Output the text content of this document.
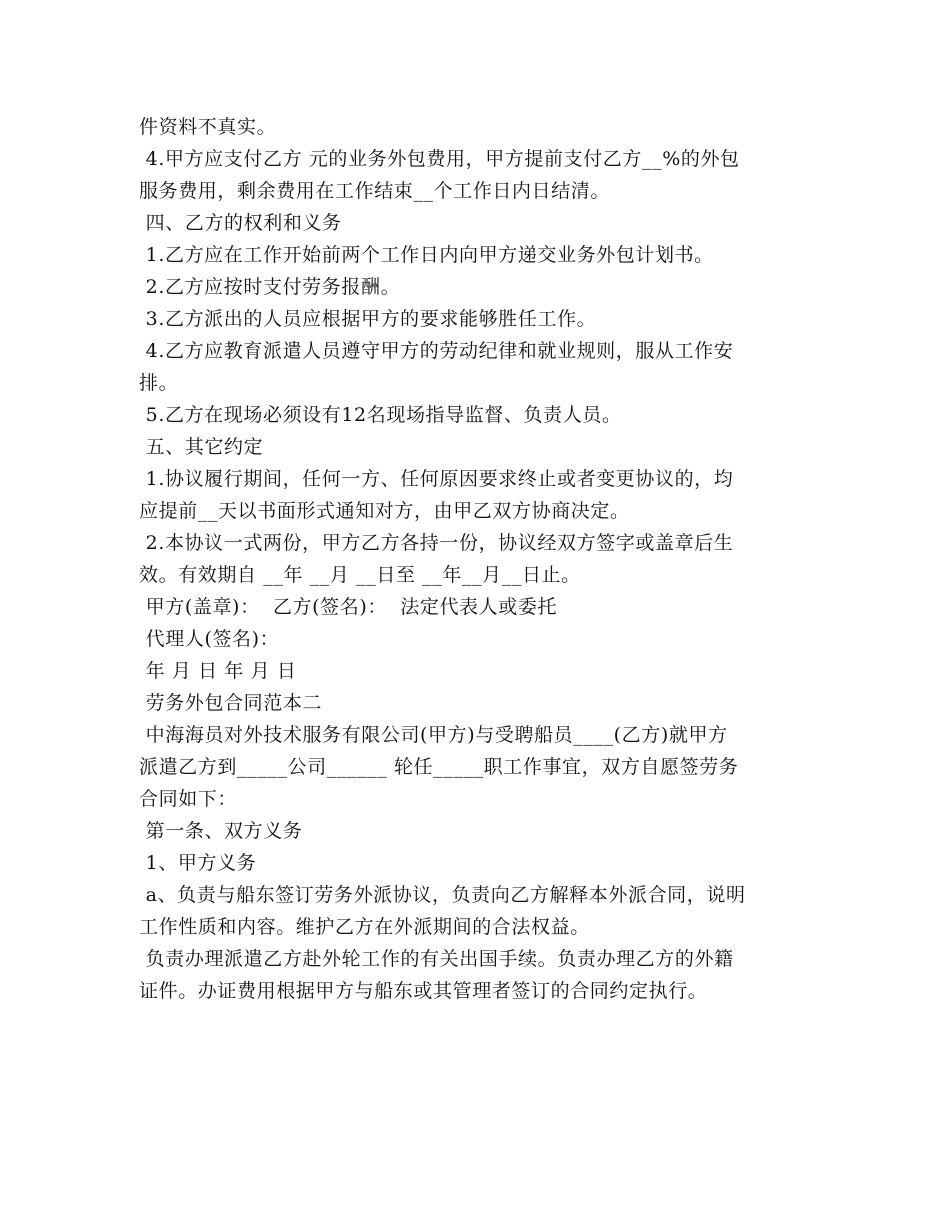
件资料不真实。
4.甲方应支付乙方 元的业务外包费用，甲方提前支付乙方__%的外包
服务费用，剩余费用在工作结束__个工作日内日结清。
四、乙方的权利和义务
1.乙方应在工作开始前两个工作日内向甲方递交业务外包计划书。
2.乙方应按时支付劳务报酬。
3.乙方派出的人员应根据甲方的要求能够胜任工作。
4.乙方应教育派遣人员遵守甲方的劳动纪律和就业规则，服从工作安
排。
5.乙方在现场必须设有12名现场指导监督、负责人员。
五、其它约定
1.协议履行期间，任何一方、任何原因要求终止或者变更协议的，均
应提前__天以书面形式通知对方，由甲乙双方协商决定。
2.本协议一式两份，甲方乙方各持一份，协议经双方签字或盖章后生
效。有效期自 __年 __月 __日至 __年__月__日止。
甲方(盖章)：  乙方(签名)：  法定代表人或委托
代理人(签名)：
年 月 日 年 月 日
劳务外包合同范本二
中海海员对外技术服务有限公司(甲方)与受聘船员____(乙方)就甲方
派遣乙方到_____公司______ 轮任_____职工作事宜，双方自愿签劳务
合同如下：
第一条、双方义务
1、甲方义务
a、负责与船东签订劳务外派协议，负责向乙方解释本外派合同，说明
工作性质和内容。维护乙方在外派期间的合法权益。
负责办理派遣乙方赴外轮工作的有关出国手续。负责办理乙方的外籍
证件。办证费用根据甲方与船东或其管理者签订的合同约定执行。
